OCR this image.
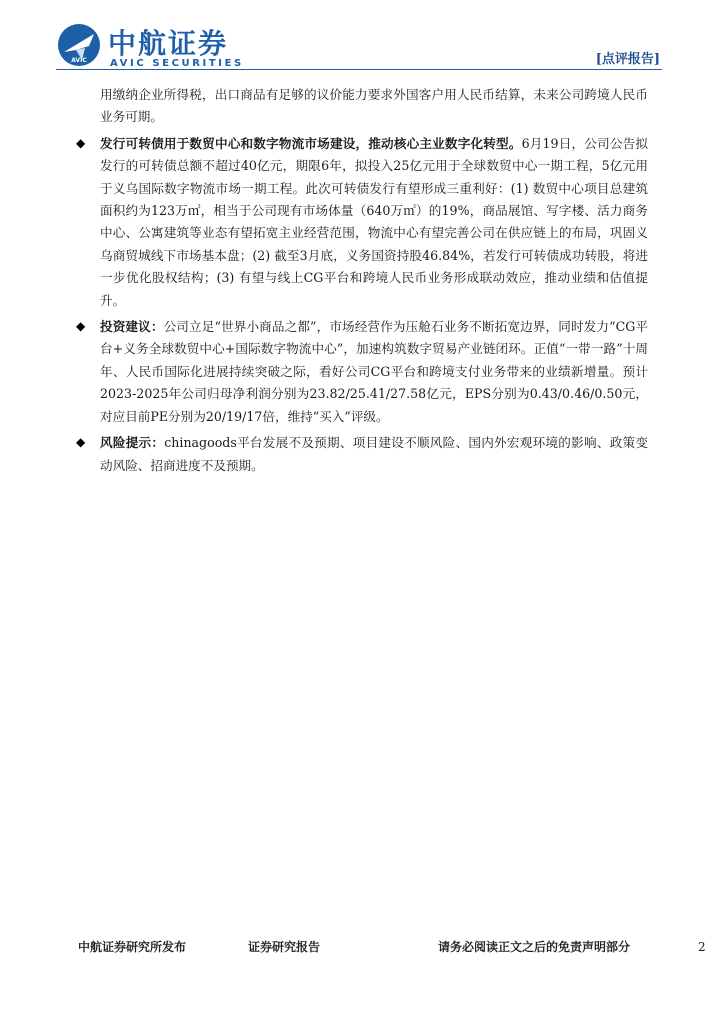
AVIC
中航证券
AVIC SECURITIES	[点评报告]

用缴纳企业所得税，出口商品有足够的议价能力要求外国客户用人民币结算，未来公司跨境人民币业务可期。

◆ 发行可转债用于数贸中心和数字物流市场建设，推动核心主业数字化转型。6月19日，公司公告拟发行的可转债总额不超过40亿元，期限6年，拟投入25亿元用于全球数贸中心一期工程，5亿元用于义乌国际数字物流市场一期工程。此次可转债发行有望形成三重利好：(1) 数贸中心项目总建筑面积约为123万㎡，相当于公司现有市场体量（640万㎡）的19%，商品展馆、写字楼、活力商务中心、公寓建筑等业态有望拓宽主业经营范围，物流中心有望完善公司在供应链上的布局，巩固义乌商贸城线下市场基本盘；(2) 截至3月底，义务国资持股46.84%，若发行可转债成功转股，将进一步优化股权结构；(3) 有望与线上CG平台和跨境人民币业务形成联动效应，推动业绩和估值提升。

◆ 投资建议：公司立足“世界小商品之都”，市场经营作为压舱石业务不断拓宽边界，同时发力“CG平台+义务全球数贸中心+国际数字物流中心”，加速构筑数字贸易产业链闭环。正值“一带一路”十周年、人民币国际化进展持续突破之际，看好公司CG平台和跨境支付业务带来的业绩新增量。预计2023-2025年公司归母净利润分别为23.82/25.41/27.58亿元，EPS分别为0.43/0.46/0.50元，对应目前PE分别为20/19/17倍，维持“买入”评级。

◆ 风险提示：chinagoods平台发展不及预期、项目建设不顺风险、国内外宏观环境的影响、政策变动风险、招商进度不及预期。

中航证券研究所发布	证券研究报告	请务必阅读正文之后的免责声明部分	2
